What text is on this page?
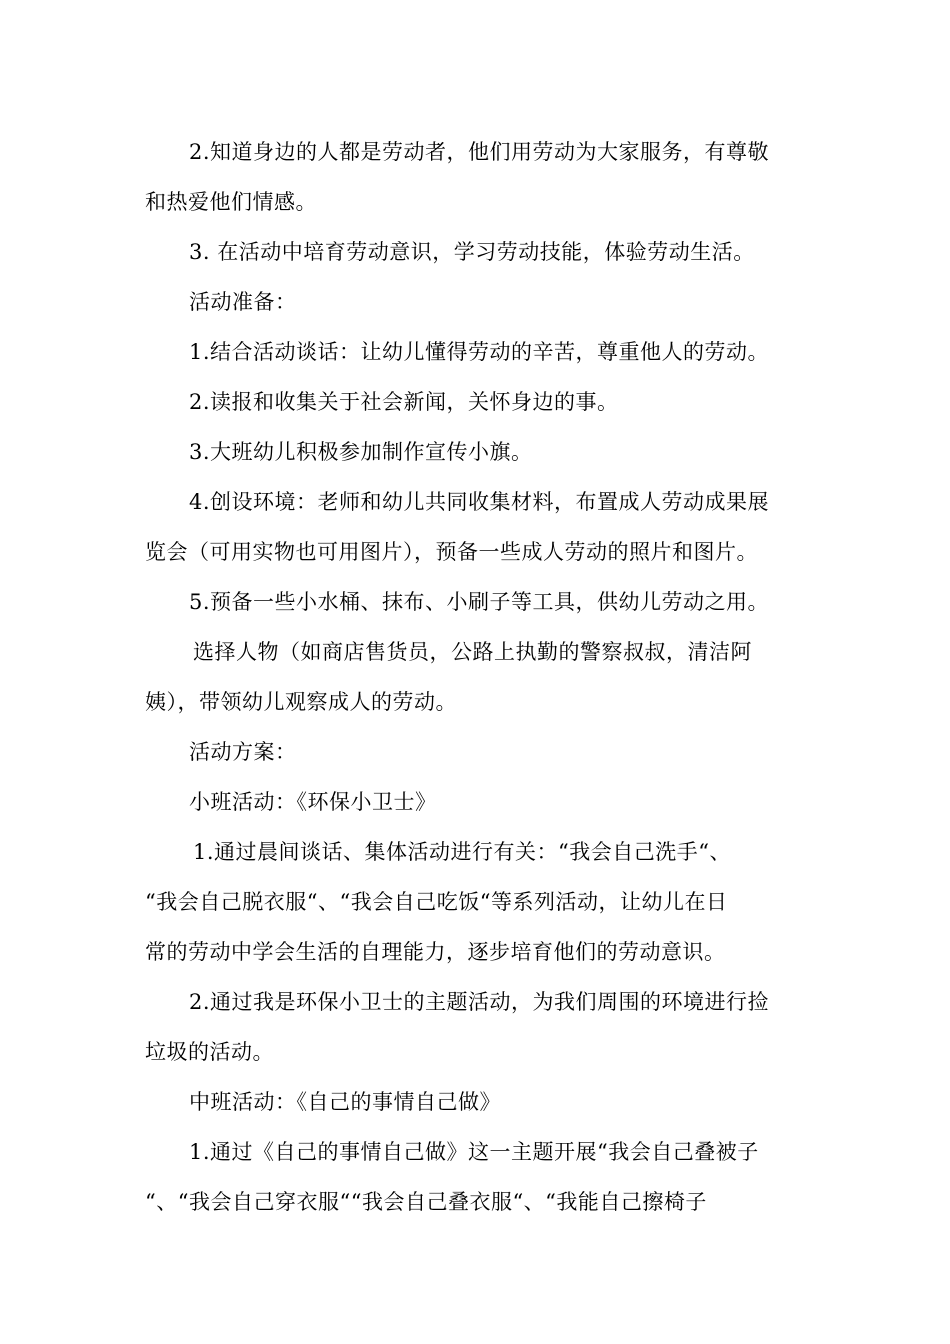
2.知道身边的人都是劳动者，他们用劳动为大家服务，有尊敬
和热爱他们情感。
3. 在活动中培育劳动意识，学习劳动技能，体验劳动生活。
活动准备：
1.结合活动谈话：让幼儿懂得劳动的辛苦，尊重他人的劳动。
2.读报和收集关于社会新闻，关怀身边的事。
3.大班幼儿积极参加制作宣传小旗。
4.创设环境：老师和幼儿共同收集材料，布置成人劳动成果展
览会（可用实物也可用图片），预备一些成人劳动的照片和图片。
5.预备一些小水桶、抹布、小刷子等工具，供幼儿劳动之用。
选择人物（如商店售货员，公路上执勤的警察叔叔，清洁阿
姨），带领幼儿观察成人的劳动。
活动方案：
小班活动：《环保小卫士》
1.通过晨间谈话、集体活动进行有关：“我会自己洗手“、
“我会自己脱衣服“、“我会自己吃饭“等系列活动，让幼儿在日
常的劳动中学会生活的自理能力，逐步培育他们的劳动意识。
2.通过我是环保小卫士的主题活动，为我们周围的环境进行捡
垃圾的活动。
中班活动：《自己的事情自己做》
1.通过《自己的事情自己做》这一主题开展“我会自己叠被子
“、“我会自己穿衣服““我会自己叠衣服“、“我能自己擦椅子
